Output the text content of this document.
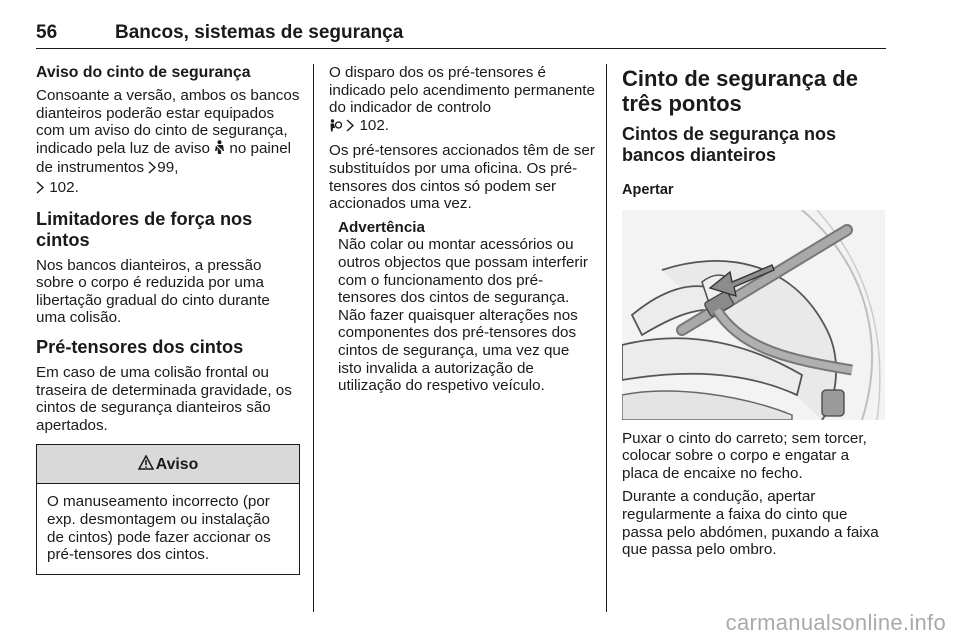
56	Bancos, sistemas de segurança
Aviso do cinto de segurança

Consoante a versão, ambos os bancos dianteiros poderão estar equipados com um aviso do cinto de segurança, indicado pela luz de aviso no painel de instrumentos 99,
102.

Limitadores de força nos cintos

Nos bancos dianteiros, a pressão sobre o corpo é reduzida por uma libertação gradual do cinto durante uma colisão.

Pré-tensores dos cintos

Em caso de uma colisão frontal ou traseira de determinada gravidade, os cintos de segurança dianteiros são apertados.

Aviso
O manuseamento incorrecto (por exp. desmontagem ou instalação de cintos) pode fazer accionar os pré-tensores dos cintos.

O disparo dos os pré-tensores é indicado pelo acendimento permanente do indicador de controlo
102.

Os pré-tensores accionados têm de ser substituídos por uma oficina. Os pré-tensores dos cintos só podem ser accionados uma vez.

Advertência
Não colar ou montar acessórios ou outros objectos que possam interferir com o funcionamento dos pré-tensores dos cintos de segurança. Não fazer quaisquer alterações nos componentes dos pré-tensores dos cintos de segurança, uma vez que isto invalida a autorização de utilização do respetivo veículo.
Cinto de segurança de três pontos
Cintos de segurança nos bancos dianteiros
Apertar

Puxar o cinto do carreto; sem torcer, colocar sobre o corpo e engatar a placa de encaixe no fecho.

Durante a condução, apertar regularmente a faixa do cinto que passa pelo abdómen, puxando a faixa que passa pelo ombro.

carmanualsonline.info
